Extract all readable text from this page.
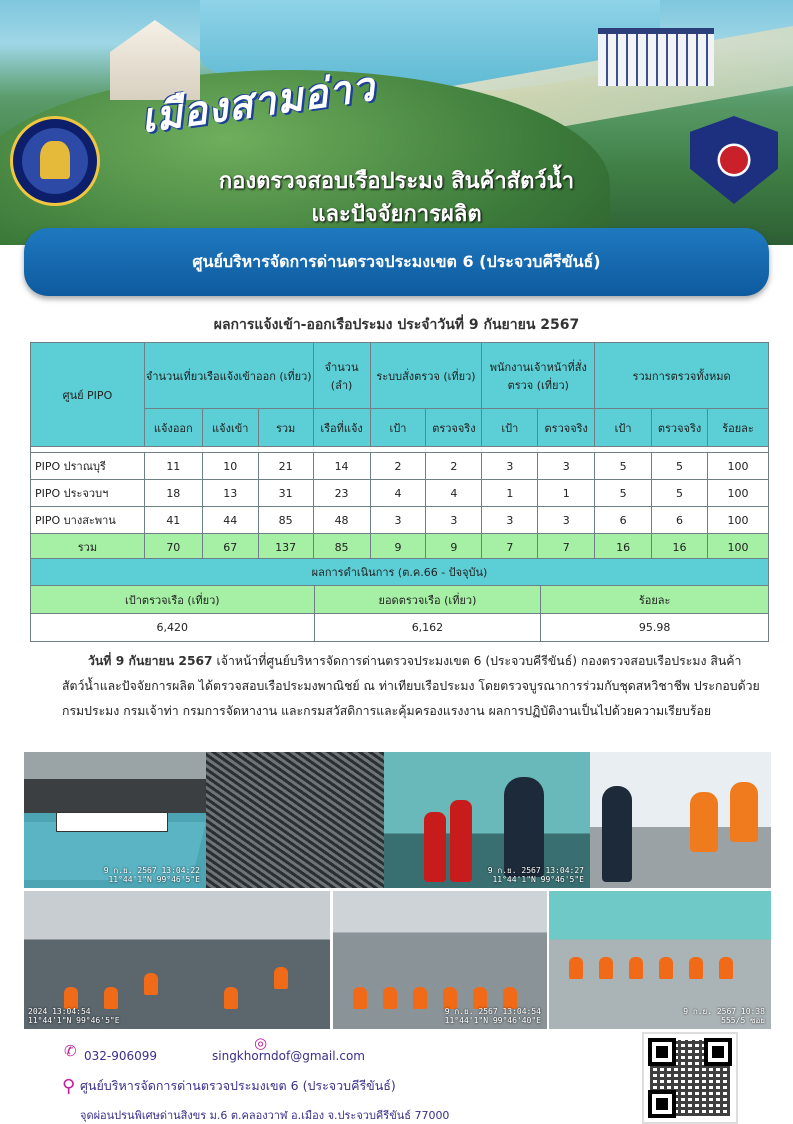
เมืองสามอ่าว
กองตรวจสอบเรือประมง สินค้าสัตว์น้ำ
และปัจจัยการผลิต
ศูนย์บริหารจัดการด่านตรวจประมงเขต 6 (ประจวบคีรีขันธ์)
ผลการแจ้งเข้า-ออกเรือประมง ประจำวันที่ 9 กันยายน 2567
ศูนย์ PIPO	จำนวนเที่ยวเรือแจ้งเข้าออก (เที่ยว)			จำนวน (ลำ)	ระบบสั่งตรวจ (เที่ยว)		พนักงานเจ้าหน้าที่สั่งตรวจ (เที่ยว)		รวมการตรวจทั้งหมด		
	แจ้งออก	แจ้งเข้า	รวม	เรือที่แจ้ง	เป้า	ตรวจจริง	เป้า	ตรวจจริง	เป้า	ตรวจจริง	ร้อยละ

PIPO ปราณบุรี	11	10	21	14	2	2	3	3	5	5	100
PIPO ประจวบฯ	18	13	31	23	4	4	1	1	5	5	100
PIPO บางสะพาน	41	44	85	48	3	3	3	3	6	6	100
รวม	70	67	137	85	9	9	7	7	16	16	100
ผลการดำเนินการ (ต.ค.66 - ปัจจุบัน)		
เป้าตรวจเรือ (เที่ยว)	ยอดตรวจเรือ (เที่ยว)	ร้อยละ
6,420	6,162	95.98
วันที่ 9 กันยายน 2567 เจ้าหน้าที่ศูนย์บริหารจัดการด่านตรวจประมงเขต 6 (ประจวบคีรีขันธ์) กองตรวจสอบเรือประมง สินค้าสัตว์น้ำและปัจจัยการผลิต ได้ตรวจสอบเรือประมงพาณิชย์ ณ ท่าเทียบเรือประมง โดยตรวจบูรณาการร่วมกับชุดสหวิชาชีพ ประกอบด้วย กรมประมง กรมเจ้าท่า กรมการจัดหางาน และกรมสวัสดิการและคุ้มครองแรงงาน ผลการปฏิบัติงานเป็นไปด้วยความเรียบร้อย
9 ก.ย. 2567 13:04:22
11°44'1"N 99°46'5"E
9 ก.ย. 2567 13:04:27
11°44'1"N 99°46'5"E
2024 13:04:54
11°44'1"N 99°46'5"E
9 ก.ย. 2567 13:04:54
11°44'1"N 99°46'40"E
9 ก.ย. 2567 10:38
555/5 ซอย
✆ 032-906099
◎
singkhorndof@gmail.com
⚲ ศูนย์บริหารจัดการด่านตรวจประมงเขต 6 (ประจวบคีรีขันธ์)
จุดผ่อนปรนพิเศษด่านสิงขร ม.6 ต.คลองวาฬ อ.เมือง จ.ประจวบคีรีขันธ์ 77000
